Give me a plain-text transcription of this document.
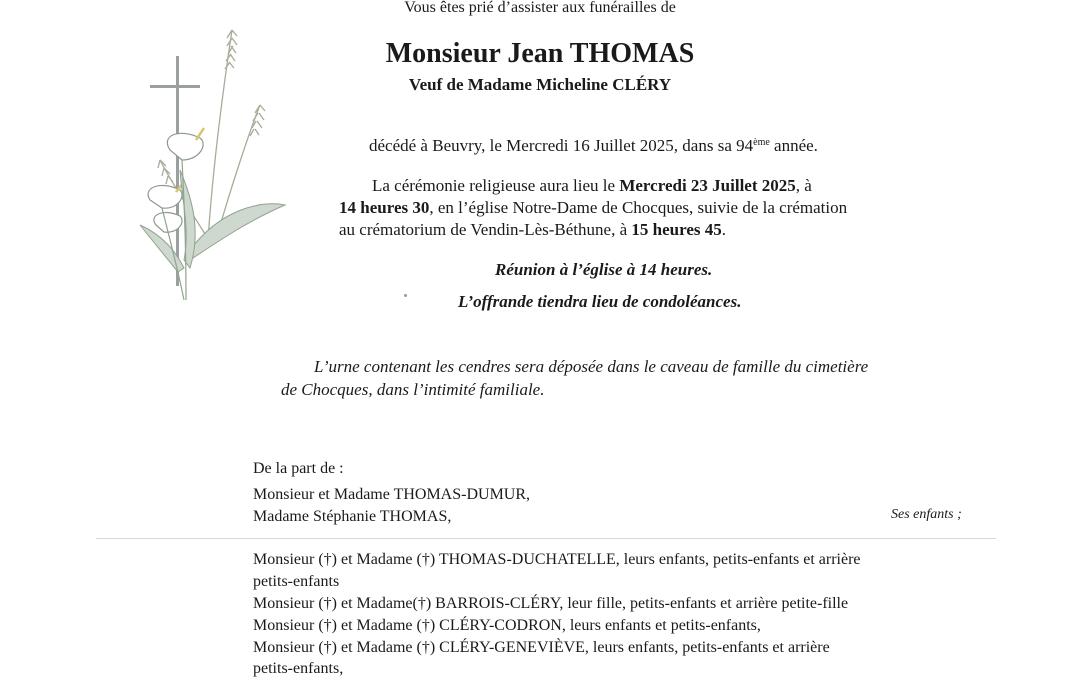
Vous êtes prié d’assister aux funérailles de
Monsieur Jean THOMAS
Veuf de Madame Micheline CLÉRY
décédé à Beuvry, le Mercredi 16 Juillet 2025, dans sa 94ème année.
La cérémonie religieuse aura lieu le Mercredi 23 Juillet 2025, à
14 heures 30, en l’église Notre-Dame de Chocques, suivie de la crémation
au crématorium de Vendin-Lès-Béthune, à 15 heures 45.
Réunion à l’église à 14 heures.
L’offrande tiendra lieu de condoléances.
L’urne contenant les cendres sera déposée dans le caveau de famille du cimetière
de Chocques, dans l’intimité familiale.
De la part de :
Monsieur et Madame THOMAS-DUMUR,
Madame Stéphanie THOMAS,	Ses enfants ;
Monsieur (†) et Madame (†) THOMAS-DUCHATELLE, leurs enfants, petits-enfants et arrière
petits-enfants
Monsieur (†) et Madame(†) BARROIS-CLÉRY, leur fille, petits-enfants et arrière petite-fille
Monsieur (†) et Madame (†) CLÉRY-CODRON, leurs enfants et petits-enfants,
Monsieur (†) et Madame (†) CLÉRY-GENEVIÈVE, leurs enfants, petits-enfants et arrière
petits-enfants,
